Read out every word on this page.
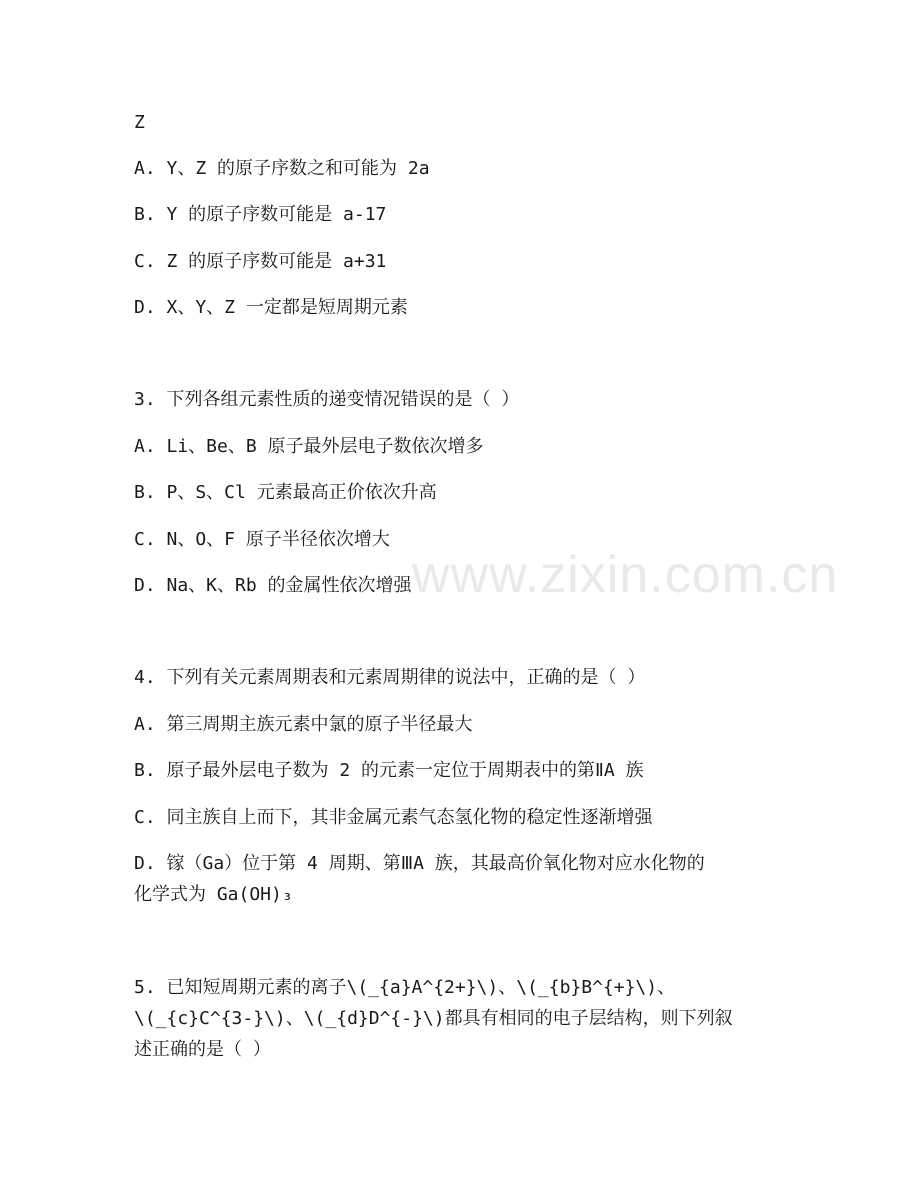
www.zixin.com.cn
Z
A. Y、Z 的原子序数之和可能为 2a
B. Y 的原子序数可能是 a-17
C. Z 的原子序数可能是 a+31
D. X、Y、Z 一定都是短周期元素
3. 下列各组元素性质的递变情况错误的是（ ）
A. Li、Be、B 原子最外层电子数依次增多
B. P、S、Cl 元素最高正价依次升高
C. N、O、F 原子半径依次增大
D. Na、K、Rb 的金属性依次增强
4. 下列有关元素周期表和元素周期律的说法中，正确的是（ ）
A. 第三周期主族元素中氯的原子半径最大
B. 原子最外层电子数为 2 的元素一定位于周期表中的第ⅡA 族
C. 同主族自上而下，其非金属元素气态氢化物的稳定性逐渐增强
D. 镓（Ga）位于第 4 周期、第ⅢA 族，其最高价氧化物对应水化物的
化学式为 Ga(OH)₃
5. 已知短周期元素的离子\(_{a}A^{2+}\)、\(_{b}B^{+}\)、
\(_{c}C^{3-}\)、\(_{d}D^{-}\)都具有相同的电子层结构，则下列叙
述正确的是（ ）
